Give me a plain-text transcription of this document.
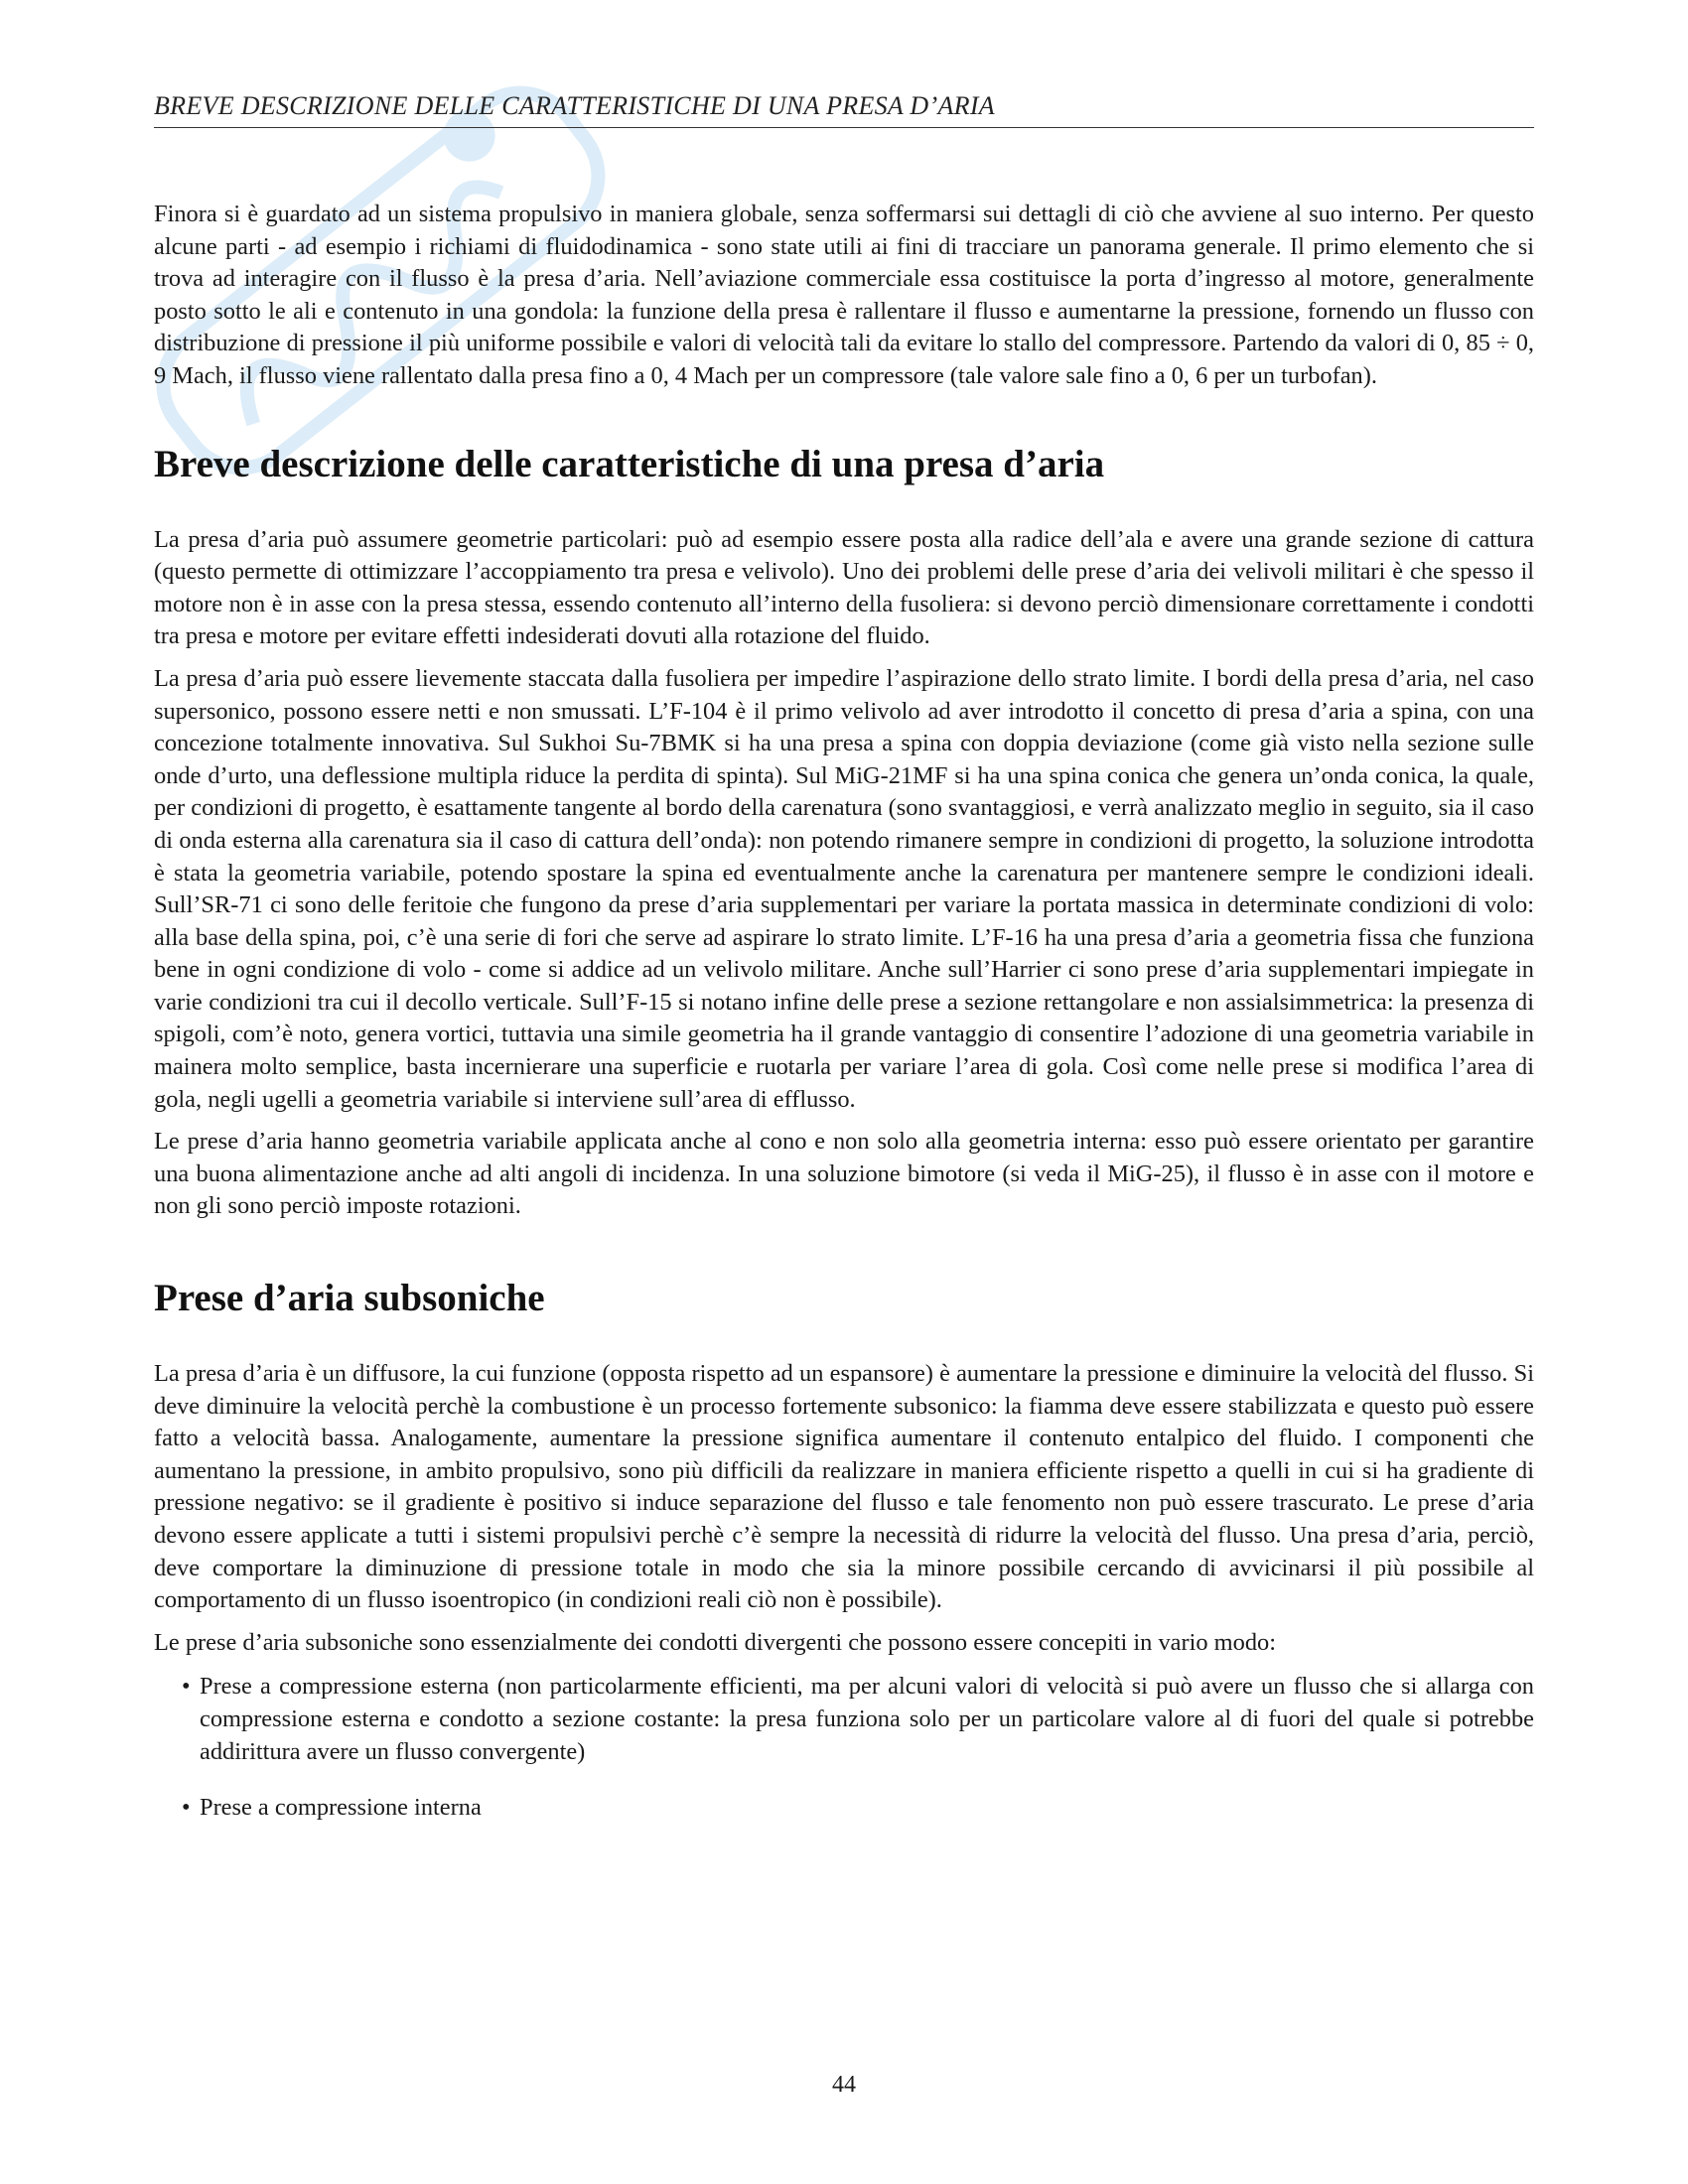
BREVE DESCRIZIONE DELLE CARATTERISTICHE DI UNA PRESA D’ARIA

Finora si è guardato ad un sistema propulsivo in maniera globale, senza soffermarsi sui dettagli di ciò che avviene al suo interno. Per questo alcune parti - ad esempio i richiami di fluidodinamica - sono state utili ai fini di tracciare un panorama generale. Il primo elemento che si trova ad interagire con il flusso è la presa d’aria. Nell’aviazione commerciale essa costituisce la porta d’ingresso al motore, generalmente posto sotto le ali e contenuto in una gondola: la funzione della presa è rallentare il flusso e aumentarne la pressione, fornendo un flusso con distribuzione di pressione il più uniforme possibile e valori di velocità tali da evitare lo stallo del compressore. Partendo da valori di 0, 85 ÷ 0, 9 Mach, il flusso viene rallentato dalla presa fino a 0, 4 Mach per un compressore (tale valore sale fino a 0, 6 per un turbofan).

Breve descrizione delle caratteristiche di una presa d’aria

La presa d’aria può assumere geometrie particolari: può ad esempio essere posta alla radice dell’ala e avere una grande sezione di cattura (questo permette di ottimizzare l’accoppiamento tra presa e velivolo). Uno dei problemi delle prese d’aria dei velivoli militari è che spesso il motore non è in asse con la presa stessa, essendo contenuto all’interno della fusoliera: si devono perciò dimensionare correttamente i condotti tra presa e motore per evitare effetti indesiderati dovuti alla rotazione del fluido.

La presa d’aria può essere lievemente staccata dalla fusoliera per impedire l’aspirazione dello strato limite. I bordi della presa d’aria, nel caso supersonico, possono essere netti e non smussati. L’F-104 è il primo velivolo ad aver introdotto il concetto di presa d’aria a spina, con una concezione totalmente innovativa. Sul Sukhoi Su-7BMK si ha una presa a spina con doppia deviazione (come già visto nella sezione sulle onde d’urto, una deflessione multipla riduce la perdita di spinta). Sul MiG-21MF si ha una spina conica che genera un’onda conica, la quale, per condizioni di progetto, è esattamente tangente al bordo della carenatura (sono svantaggiosi, e verrà analizzato meglio in seguito, sia il caso di onda esterna alla carenatura sia il caso di cattura dell’onda): non potendo rimanere sempre in condizioni di progetto, la soluzione introdotta è stata la geometria variabile, potendo spostare la spina ed eventualmente anche la carenatura per mantenere sempre le condizioni ideali. Sull’SR-71 ci sono delle feritoie che fungono da prese d’aria supplementari per variare la portata massica in determinate condizioni di volo: alla base della spina, poi, c’è una serie di fori che serve ad aspirare lo strato limite. L’F-16 ha una presa d’aria a geometria fissa che funziona bene in ogni condizione di volo - come si addice ad un velivolo militare. Anche sull’Harrier ci sono prese d’aria supplementari impiegate in varie condizioni tra cui il decollo verticale. Sull’F-15 si notano infine delle prese a sezione rettangolare e non assialsimmetrica: la presenza di spigoli, com’è noto, genera vortici, tuttavia una simile geometria ha il grande vantaggio di consentire l’adozione di una geometria variabile in mainera molto semplice, basta incernierare una superficie e ruotarla per variare l’area di gola. Così come nelle prese si modifica l’area di gola, negli ugelli a geometria variabile si interviene sull’area di efflusso.

Le prese d’aria hanno geometria variabile applicata anche al cono e non solo alla geometria interna: esso può essere orientato per garantire una buona alimentazione anche ad alti angoli di incidenza. In una soluzione bimotore (si veda il MiG-25), il flusso è in asse con il motore e non gli sono perciò imposte rotazioni.

Prese d’aria subsoniche

La presa d’aria è un diffusore, la cui funzione (opposta rispetto ad un espansore) è aumentare la pressione e diminuire la velocità del flusso. Si deve diminuire la velocità perchè la combustione è un processo fortemente subsonico: la fiamma deve essere stabilizzata e questo può essere fatto a velocità bassa. Analogamente, aumentare la pressione significa aumentare il contenuto entalpico del fluido. I componenti che aumentano la pressione, in ambito propulsivo, sono più difficili da realizzare in maniera efficiente rispetto a quelli in cui si ha gradiente di pressione negativo: se il gradiente è positivo si induce separazione del flusso e tale fenomento non può essere trascurato. Le prese d’aria devono essere applicate a tutti i sistemi propulsivi perchè c’è sempre la necessità di ridurre la velocità del flusso. Una presa d’aria, perciò, deve comportare la diminuzione di pressione totale in modo che sia la minore possibile cercando di avvicinarsi il più possibile al comportamento di un flusso isoentropico (in condizioni reali ciò non è possibile).

Le prese d’aria subsoniche sono essenzialmente dei condotti divergenti che possono essere concepiti in vario modo:

• Prese a compressione esterna (non particolarmente efficienti, ma per alcuni valori di velocità si può avere un flusso che si allarga con compressione esterna e condotto a sezione costante: la presa funziona solo per un particolare valore al di fuori del quale si potrebbe addirittura avere un flusso convergente)
• Prese a compressione interna
44
